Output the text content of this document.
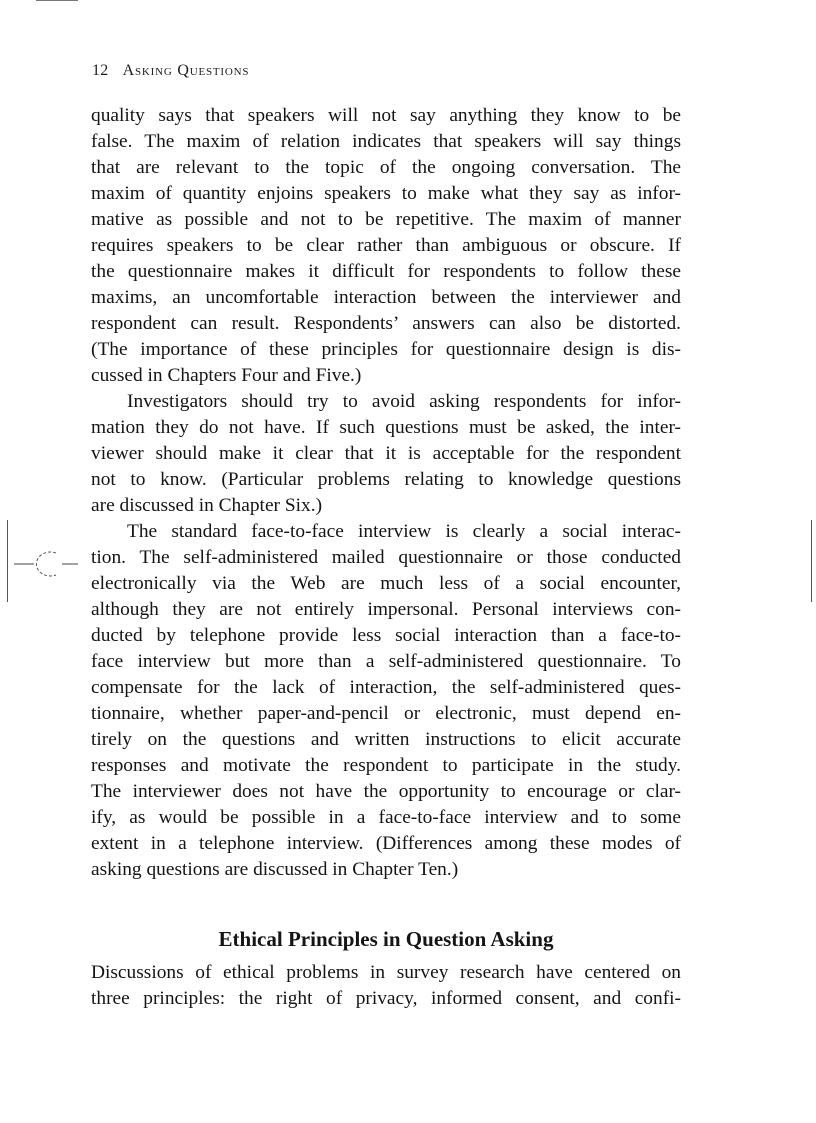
12 Asking Questions
quality says that speakers will not say anything they know to be
false. The maxim of relation indicates that speakers will say things
that are relevant to the topic of the ongoing conversation. The
maxim of quantity enjoins speakers to make what they say as infor-
mative as possible and not to be repetitive. The maxim of manner
requires speakers to be clear rather than ambiguous or obscure. If
the questionnaire makes it difficult for respondents to follow these
maxims, an uncomfortable interaction between the interviewer and
respondent can result. Respondents’ answers can also be distorted.
(The importance of these principles for questionnaire design is dis-
cussed in Chapters Four and Five.)
Investigators should try to avoid asking respondents for infor-
mation they do not have. If such questions must be asked, the inter-
viewer should make it clear that it is acceptable for the respondent
not to know. (Particular problems relating to knowledge questions
are discussed in Chapter Six.)
The standard face-to-face interview is clearly a social interac-
tion. The self-administered mailed questionnaire or those conducted
electronically via the Web are much less of a social encounter,
although they are not entirely impersonal. Personal interviews con-
ducted by telephone provide less social interaction than a face-to-
face interview but more than a self-administered questionnaire. To
compensate for the lack of interaction, the self-administered ques-
tionnaire, whether paper-and-pencil or electronic, must depend en-
tirely on the questions and written instructions to elicit accurate
responses and motivate the respondent to participate in the study.
The interviewer does not have the opportunity to encourage or clar-
ify, as would be possible in a face-to-face interview and to some
extent in a telephone interview. (Differences among these modes of
asking questions are discussed in Chapter Ten.)
Ethical Principles in Question Asking
Discussions of ethical problems in survey research have centered on
three principles: the right of privacy, informed consent, and confi-
